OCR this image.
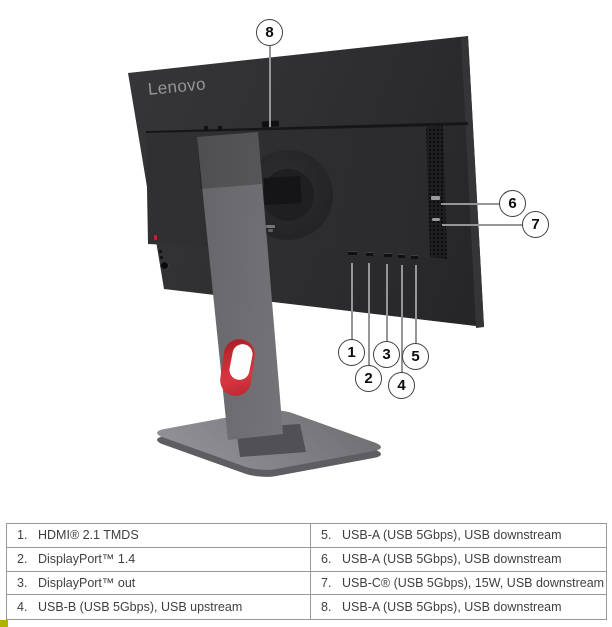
Lenovo
1
2
3
4
5
6
7
8
1. HDMI® 2.1 TMDS	5. USB-A (USB 5Gbps), USB downstream
2. DisplayPort™ 1.4	6. USB-A (USB 5Gbps), USB downstream
3. DisplayPort™ out	7. USB-C® (USB 5Gbps), 15W, USB downstream
4. USB-B (USB 5Gbps), USB upstream	8. USB-A (USB 5Gbps), USB downstream
